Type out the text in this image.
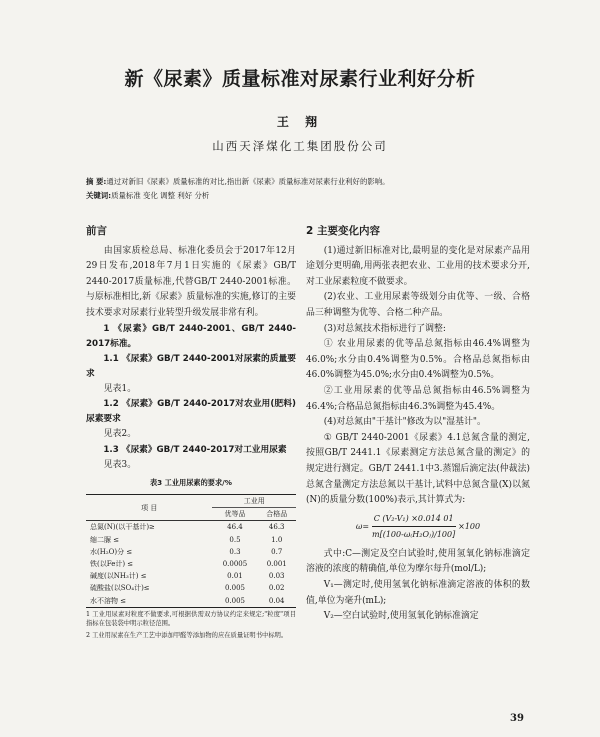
新《尿素》质量标准对尿素行业利好分析
王 翔
山西天泽煤化工集团股份公司
摘 要:通过对新旧《尿素》质量标准的对比,指出新《尿素》质量标准对尿素行业利好的影响。
关键词:质量标准 变化 调整 利好 分析
前言

由国家质检总局、标准化委员会于2017年12月29日发布,2018年7月1日实施的《尿素》GB/T 2440-2017质量标准,代替GB/T 2440-2001标准。与原标准相比,新《尿素》质量标准的实施,修订的主要技术要求对尿素行业转型升级发展非常有利。

1 《尿素》GB/T 2440-2001、GB/T 2440-2017标准。

1.1 《尿素》GB/T 2440-2001对尿素的质量要求

见表1。

1.2 《尿素》GB/T 2440-2017对农业用(肥料)尿素要求

见表2。

1.3 《尿素》GB/T 2440-2017对工业用尿素

见表3。

表3 工业用尿素的要求/%
项 目	工业用	
	优等品	合格品
总氮(N)(以干基计)≥	46.4	46.3
缩二脲 ≤	0.5	1.0
水(H₂O)分 ≤	0.3	0.7
铁(以Fe计) ≤	0.0005	0.001
碱度(以NH₃计) ≤	0.01	0.03
硫酸盐(以SO₄计)≤	0.005	0.02
水不溶物 ≤	0.005	0.04
1 工业用尿素对粒度不做要求,可根据供需双方协议约定来规定;"粒度"项目指标在包装袋中明示粒径范围。
2 工业用尿素在生产工艺中添加甲醛等添加物的应在质量证明书中标明。
2 主要变化内容

(1)通过新旧标准对比,最明显的变化是对尿素产品用途划分更明确,用两张表把农业、工业用的技术要求分开,对工业尿素粒度不做要求。

(2)农业、工业用尿素等级划分由优等、一级、合格品三种调整为优等、合格二种产品。

(3)对总氮技术指标进行了调整:

① 农业用尿素的优等品总氮指标由46.4%调整为46.0%;水分由0.4%调整为0.5%。合格品总氮指标由46.0%调整为45.0%;水分由0.4%调整为0.5%。

②工业用尿素的优等品总氮指标由46.5%调整为46.4%;合格品总氮指标由46.3%调整为45.4%。

(4)对总氮由"干基计"修改为以"湿基计"。

① GB/T 2440-2001《尿素》4.1总氮含量的测定,按照GB/T 2441.1《尿素测定方法总氮含量的测定》的规定进行测定。GB/T 2441.1中3.蒸馏后滴定法(仲裁法)总氮含量测定方法总氮以干基计,试料中总氮含量(X)以氮(N)的质量分数(100%)表示,其计算式为:

$\omega= \frac{\text{C (V₂-V₁) ×0.014 01}}{\text{m[(100-ω₍H₂O₎)/100]}} \times 100$

式中:C—测定及空白试验时,使用氢氧化钠标准滴定溶液的浓度的精确值,单位为摩尔每升(mol/L);

V₁—测定时,使用氢氧化钠标准滴定溶液的体积的数值,单位为毫升(mL);

V₂—空白试验时,使用氢氧化钠标准滴定

39
